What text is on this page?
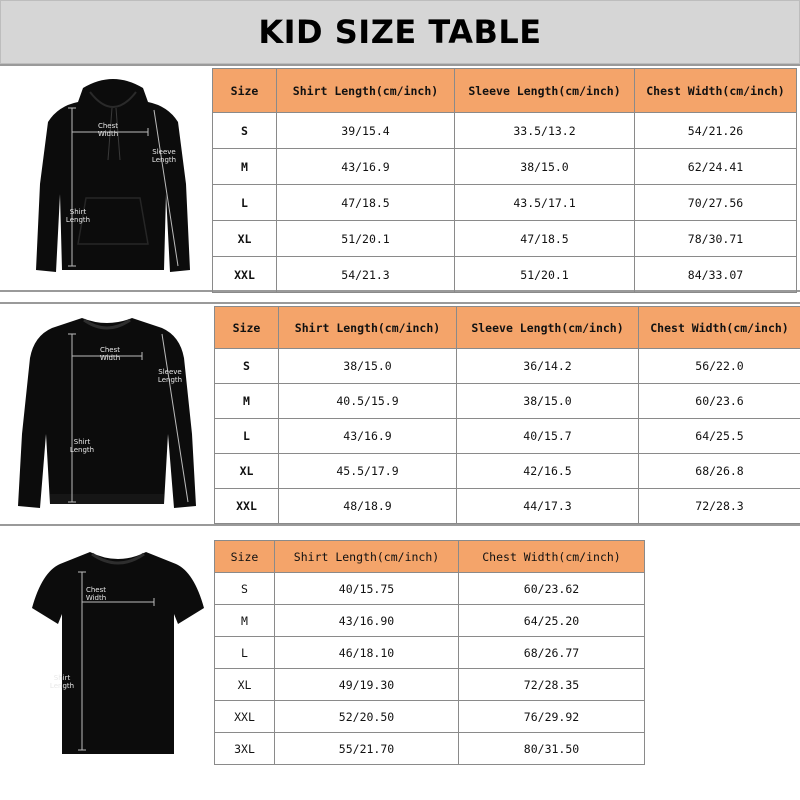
KID SIZE TABLE
Chest Width
Sleeve Length
Shirt Length
Size	Shirt Length(cm/inch)	Sleeve Length(cm/inch)	Chest Width(cm/inch)
S	39/15.4	33.5/13.2	54/21.26
M	43/16.9	38/15.0	62/24.41
L	47/18.5	43.5/17.1	70/27.56
XL	51/20.1	47/18.5	78/30.71
XXL	54/21.3	51/20.1	84/33.07
Chest Width
Sleeve Length
Shirt Length
Size	Shirt Length(cm/inch)	Sleeve Length(cm/inch)	Chest Width(cm/inch)
S	38/15.0	36/14.2	56/22.0
M	40.5/15.9	38/15.0	60/23.6
L	43/16.9	40/15.7	64/25.5
XL	45.5/17.9	42/16.5	68/26.8
XXL	48/18.9	44/17.3	72/28.3
Chest Width
Shirt Length
Size	Shirt Length(cm/inch)	Chest Width(cm/inch)
S	40/15.75	60/23.62
M	43/16.90	64/25.20
L	46/18.10	68/26.77
XL	49/19.30	72/28.35
XXL	52/20.50	76/29.92
3XL	55/21.70	80/31.50
